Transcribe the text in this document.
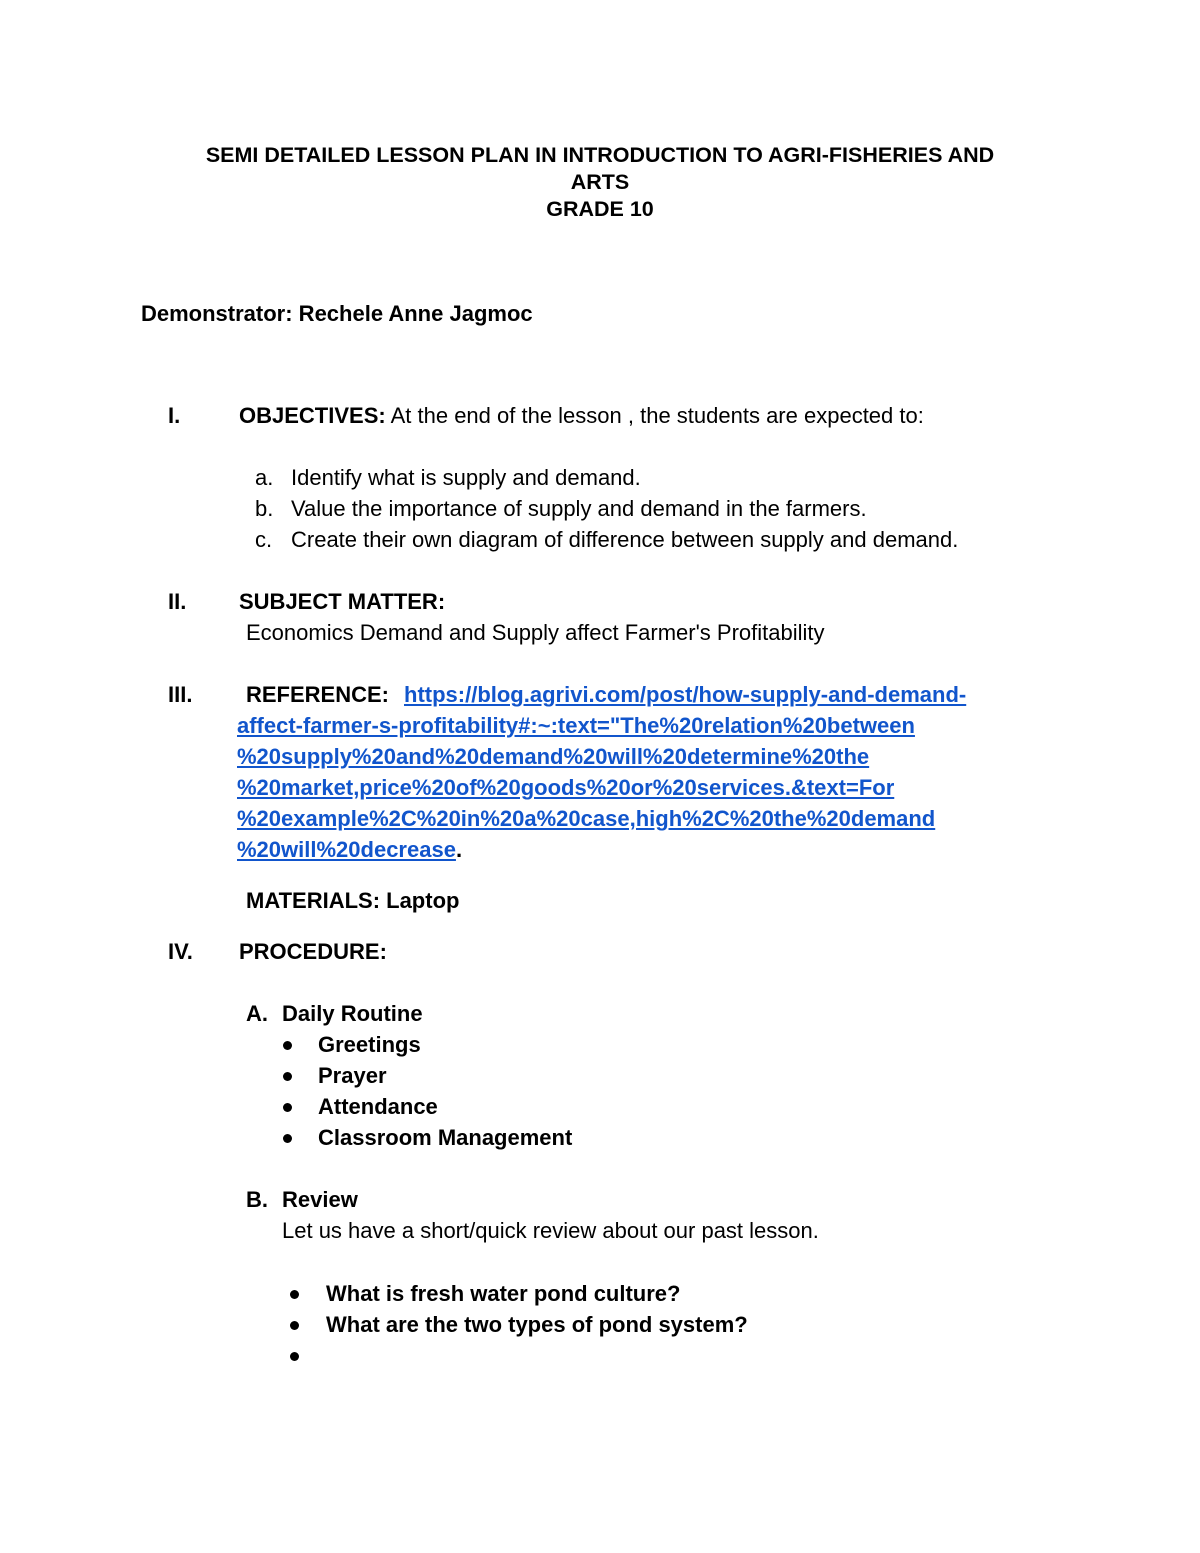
SEMI DETAILED LESSON PLAN IN INTRODUCTION TO AGRI-FISHERIES AND
ARTS
GRADE 10
Demonstrator: Rechele Anne Jagmoc
I.	OBJECTIVES: At the end of the lesson , the students are expected to:
a. Identify what is supply and demand.
b. Value the importance of supply and demand in the farmers.
c. Create their own diagram of difference between supply and demand.
II. SUBJECT MATTER:
Economics Demand and Supply affect Farmer's Profitability
III. REFERENCE: https://blog.agrivi.com/post/how-supply-and-demand-
affect-farmer-s-profitability#:~:text="The%20relation%20between
%20supply%20and%20demand%20will%20determine%20the
%20market,price%20of%20goods%20or%20services.&text=For
%20example%2C%20in%20a%20case,high%2C%20the%20demand
%20will%20decrease.
MATERIALS: Laptop
IV. PROCEDURE:
A. Daily Routine
Greetings
Prayer
Attendance
Classroom Management
B. Review
Let us have a short/quick review about our past lesson.
What is fresh water pond culture?
What are the two types of pond system?
